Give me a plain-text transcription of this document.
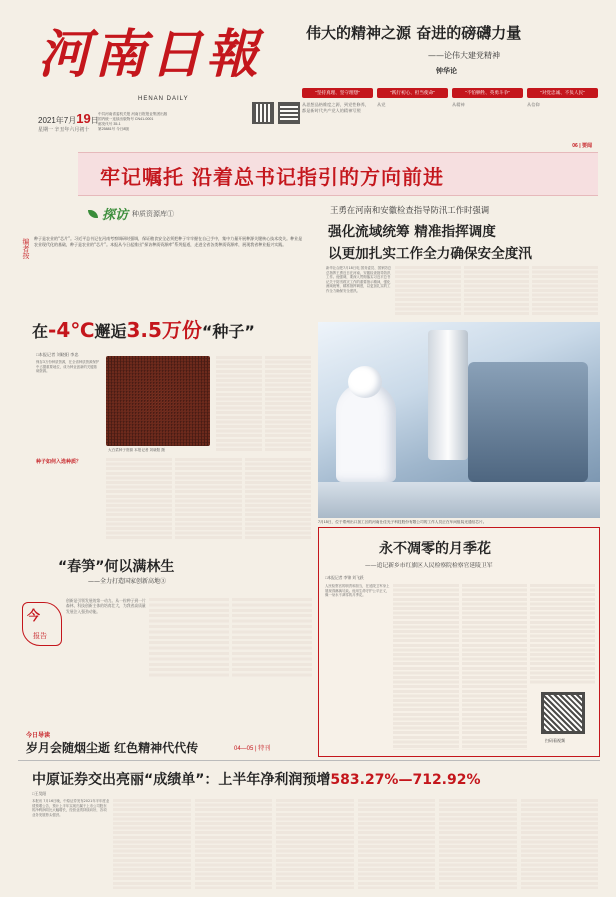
河南日報
HENAN DAILY
2021年7月19日
星期一 辛丑年六月初十
中共河南省委机关报 河南日报报业集团出版
国内统一连续出版物号 CN41-0001
邮发代号 35-1
第25881号 今日8版
伟大的精神之源 奋进的磅礴力量
——论伟大建党精神
钟华论
“坚持真理、坚守理想”	“践行初心、担当使命”	“不怕牺牲、英勇斗争”	“对党忠诚、不负人民”
从思想品格维度之源，到党性修养，都是新时代共产党人的精神写照
从党	从精神	从信仰
06 | 要闻
牢记嘱托 沿着总书记指引的方向前进
探访 种质资源库①
编者按 种子是农业的“芯片”。习近平总书记在河南考察调研时强调，保证粮食安全必须把种子牢牢握在自己手中，集中力量开展种源关键核心技术攻关。种业是农业现代化的基础，种子是农业的“芯片”。本报从今日起推出“探访种质资源库”系列报道，走进全省各类种质资源库，展现我省种业振兴实践。
在-4℃邂逅3.5万份“种子”
□本报记者 刘晓阳 李忠
保存3万份种质资源，在全省种质资源保护中占据重要地位，成为种业创新的关键基础资源。
大白菜种子资源 本报记者 刘晓阳 摄
种子如何入选种质？
王勇在河南和安徽检查指导防汛工作时强调
强化流域统筹 精准指挥调度
以更加扎实工作全力确保安全度汛
新华社合肥7月18日电 国务委员、国家防总总指挥王勇近日在河南、安徽检查指导防汛工作。他强调，要深入贯彻落实习近平总书记关于防汛救灾工作的重要指示精神，强化流域统筹，精准指挥调度，以更加扎实的工作全力确保安全度汛。
7月15日，位于郑州出口加工区的河南仕佳光子科技股份有限公司的工作人员正在车间组装光通信芯片。
永不凋零的月季花
——追记新乡市红旗区人民检察院检察官延陵卫军
□本报记者 李锦 刘飞跃
人民检察官的职责和担当，在延陵卫军身上展现得淋漓尽致。他用生命守护公平正义，像一朵永不凋零的月季花。
扫码看视频
“春笋”何以满林生
——全力打造国家创新高地③
今
报告
创新是引领发展的第一动力。从一粒种子到一片森林，科技创新主体的培育壮大，为我省高质量发展注入强劲动能。
今日导读
岁月会随烟尘逝 红色精神代代传	04—05 | 特刊
中原证券交出亮丽“成绩单”：上半年净利润预增583.27%—712.92%
□王昊阳
本报讯 7月16日晚，中原证券发布2021年半年度业绩预增公告，预计上半年实现归属于上市公司股东的净利润同比大幅增长，经营业绩持续向好，各项业务发展势头强劲。
